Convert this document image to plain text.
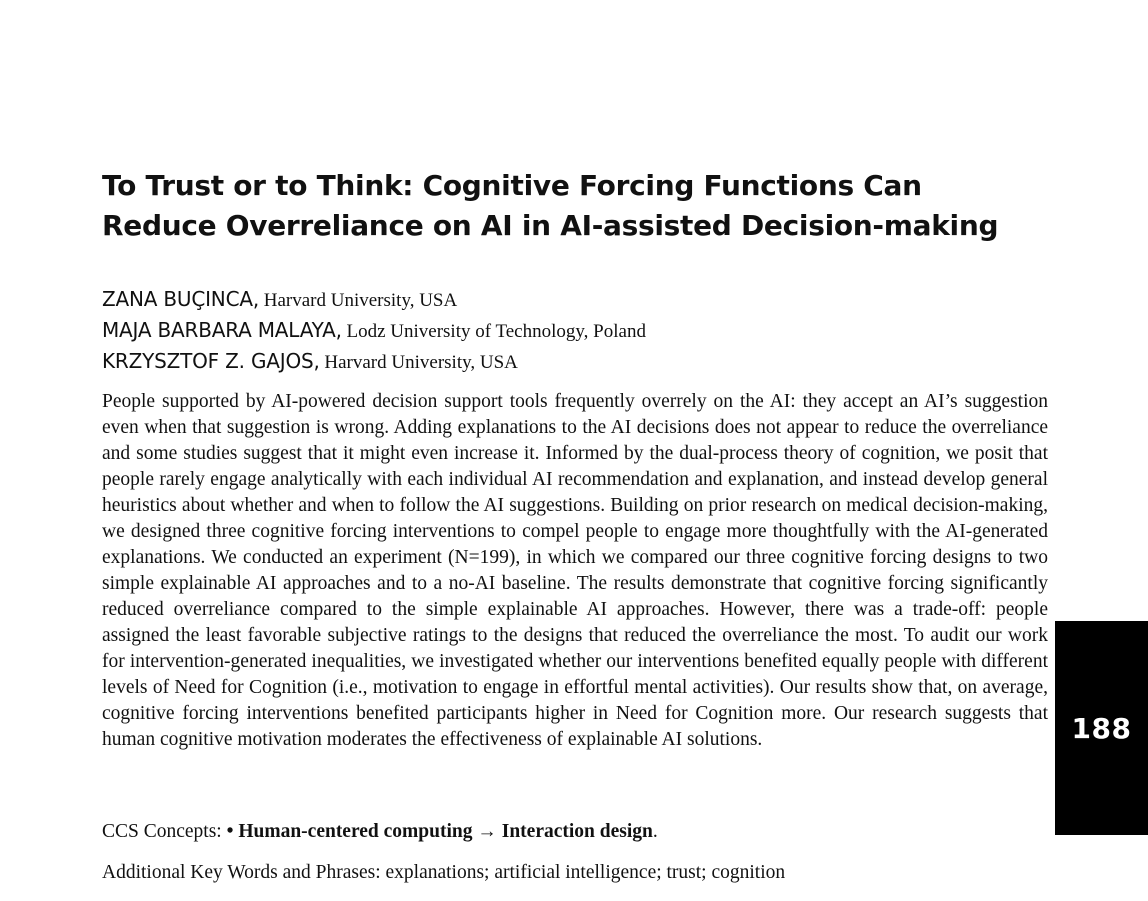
To Trust or to Think: Cognitive Forcing Functions Can
Reduce Overreliance on AI in AI-assisted Decision-making
ZANA BUÇINCA, Harvard University, USA
MAJA BARBARA MALAYA, Lodz University of Technology, Poland
KRZYSZTOF Z. GAJOS, Harvard University, USA

People supported by AI-powered decision support tools frequently overrely on the AI: they accept an AI’s suggestion even when that suggestion is wrong. Adding explanations to the AI decisions does not appear to reduce the overreliance and some studies suggest that it might even increase it. Informed by the dual-process theory of cognition, we posit that people rarely engage analytically with each individual AI recommendation and explanation, and instead develop general heuristics about whether and when to follow the AI suggestions. Building on prior research on medical decision-making, we designed three cognitive forcing interventions to compel people to engage more thoughtfully with the AI-generated explanations. We conducted an experiment (N=199), in which we compared our three cognitive forcing designs to two simple explainable AI approaches and to a no-AI baseline. The results demonstrate that cognitive forcing significantly reduced overreliance compared to the simple explainable AI approaches. However, there was a trade-off: people assigned the least favorable subjective ratings to the designs that reduced the overreliance the most. To audit our work for intervention-generated inequalities, we investigated whether our interventions benefited equally people with different levels of Need for Cognition (i.e., motivation to engage in effortful mental activities). Our results show that, on average, cognitive forcing interventions benefited participants higher in Need for Cognition more. Our research suggests that human cognitive motivation moderates the effectiveness of explainable AI solutions.

CCS Concepts: • Human-centered computing → Interaction design.
Additional Key Words and Phrases: explanations; artificial intelligence; trust; cognition
188
